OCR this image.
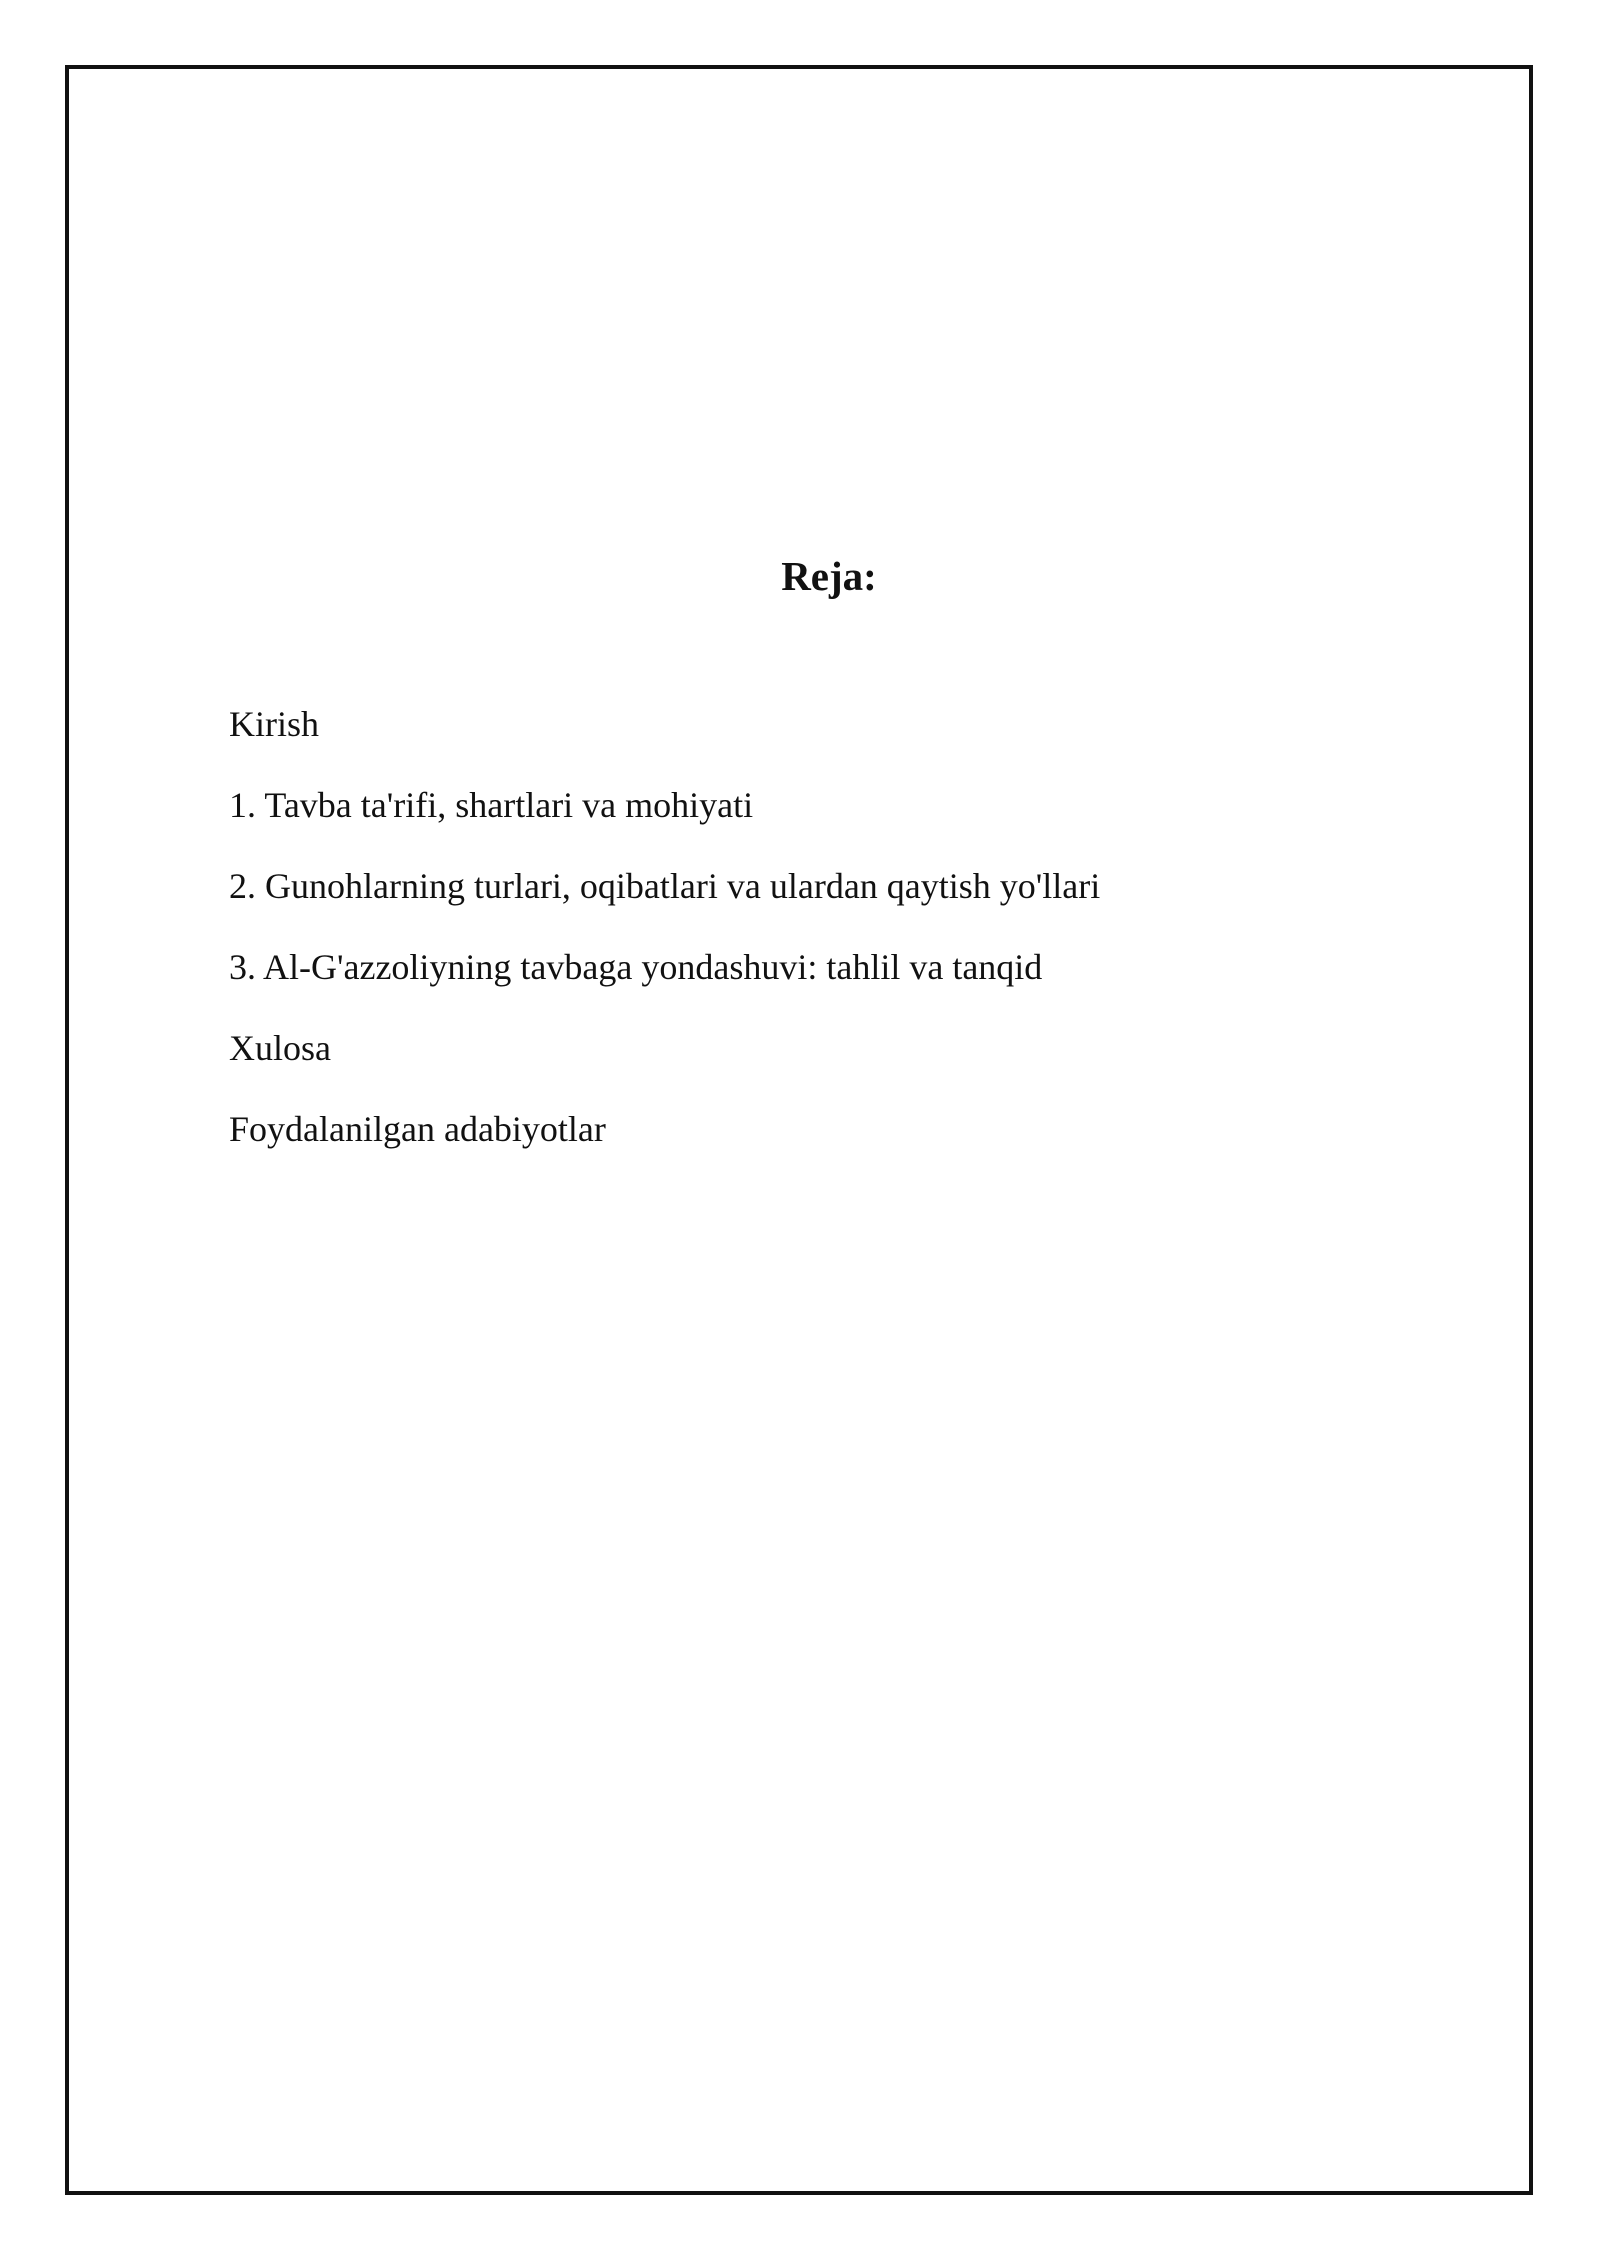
Reja:
Kirish
1. Tavba ta'rifi, shartlari va mohiyati
2. Gunohlarning turlari, oqibatlari va ulardan qaytish yo'llari
3. Al-G'azzoliyning tavbaga yondashuvi: tahlil va tanqid
Xulosa
Foydalanilgan adabiyotlar
